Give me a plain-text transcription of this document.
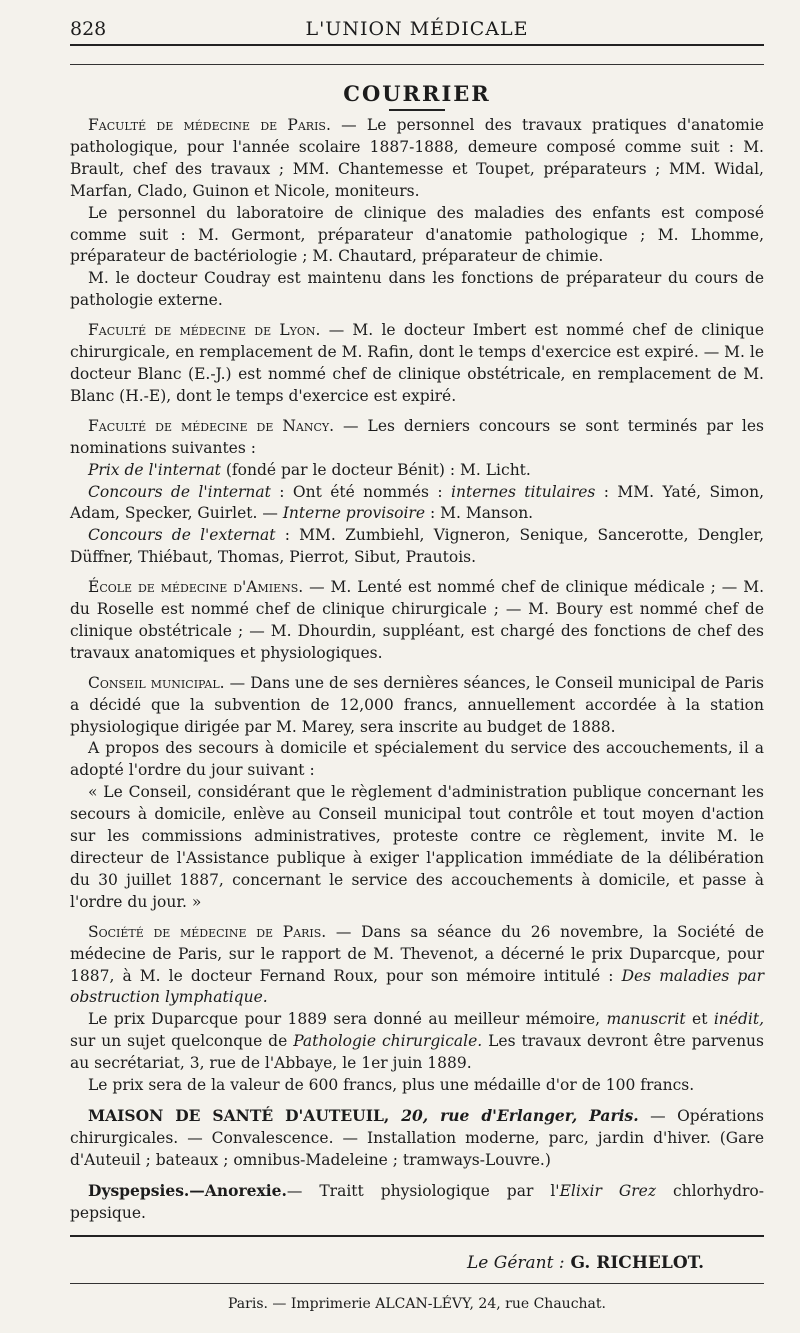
828	L'UNION MÉDICALE
COURRIER

Faculté de médecine de Paris. — Le personnel des travaux pratiques d'anatomie pathologique, pour l'année scolaire 1887-1888, demeure composé comme suit : M. Brault, chef des travaux ; MM. Chantemesse et Toupet, préparateurs ; MM. Widal, Marfan, Clado, Guinon et Nicole, moniteurs.

Le personnel du laboratoire de clinique des maladies des enfants est composé comme suit : M. Germont, préparateur d'anatomie pathologique ; M. Lhomme, préparateur de bactériologie ; M. Chautard, préparateur de chimie.

M. le docteur Coudray est maintenu dans les fonctions de préparateur du cours de pathologie externe.

Faculté de médecine de Lyon. — M. le docteur Imbert est nommé chef de clinique chirurgicale, en remplacement de M. Rafin, dont le temps d'exercice est expiré. — M. le docteur Blanc (E.-J.) est nommé chef de clinique obstétricale, en remplacement de M. Blanc (H.-E), dont le temps d'exercice est expiré.

Faculté de médecine de Nancy. — Les derniers concours se sont terminés par les nominations suivantes :

Prix de l'internat (fondé par le docteur Bénit) : M. Licht.

Concours de l'internat : Ont été nommés : internes titulaires : MM. Yaté, Simon, Adam, Specker, Guirlet. — Interne provisoire : M. Manson.

Concours de l'externat : MM. Zumbiehl, Vigneron, Senique, Sancerotte, Dengler, Düffner, Thiébaut, Thomas, Pierrot, Sibut, Prautois.

École de médecine d'Amiens. — M. Lenté est nommé chef de clinique médicale ; — M. du Roselle est nommé chef de clinique chirurgicale ; — M. Boury est nommé chef de clinique obstétricale ; — M. Dhourdin, suppléant, est chargé des fonctions de chef des travaux anatomiques et physiologiques.

Conseil municipal. — Dans une de ses dernières séances, le Conseil municipal de Paris a décidé que la subvention de 12,000 francs, annuellement accordée à la station physiologique dirigée par M. Marey, sera inscrite au budget de 1888.

A propos des secours à domicile et spécialement du service des accouchements, il a adopté l'ordre du jour suivant :

« Le Conseil, considérant que le règlement d'administration publique concernant les secours à domicile, enlève au Conseil municipal tout contrôle et tout moyen d'action sur les commissions administratives, proteste contre ce règlement, invite M. le directeur de l'Assistance publique à exiger l'application immédiate de la délibération du 30 juillet 1887, concernant le service des accouchements à domicile, et passe à l'ordre du jour. »

Société de médecine de Paris. — Dans sa séance du 26 novembre, la Société de médecine de Paris, sur le rapport de M. Thevenot, a décerné le prix Duparcque, pour 1887, à M. le docteur Fernand Roux, pour son mémoire intitulé : Des maladies par obstruction lymphatique.

Le prix Duparcque pour 1889 sera donné au meilleur mémoire, manuscrit et inédit, sur un sujet quelconque de Pathologie chirurgicale. Les travaux devront être parvenus au secrétariat, 3, rue de l'Abbaye, le 1er juin 1889.

Le prix sera de la valeur de 600 francs, plus une médaille d'or de 100 francs.

MAISON DE SANTÉ D'AUTEUIL, 20, rue d'Erlanger, Paris. — Opérations chirurgicales. — Convalescence. — Installation moderne, parc, jardin d'hiver. (Gare d'Auteuil ; bateaux ; omnibus-Madeleine ; tramways-Louvre.)

Dyspepsies.—Anorexie.— Traitt physiologique par l'Elixir Grez chlorhydro-pepsique.

Le Gérant : G. RICHELOT.
Paris. — Imprimerie ALCAN-LÉVY, 24, rue Chauchat.
